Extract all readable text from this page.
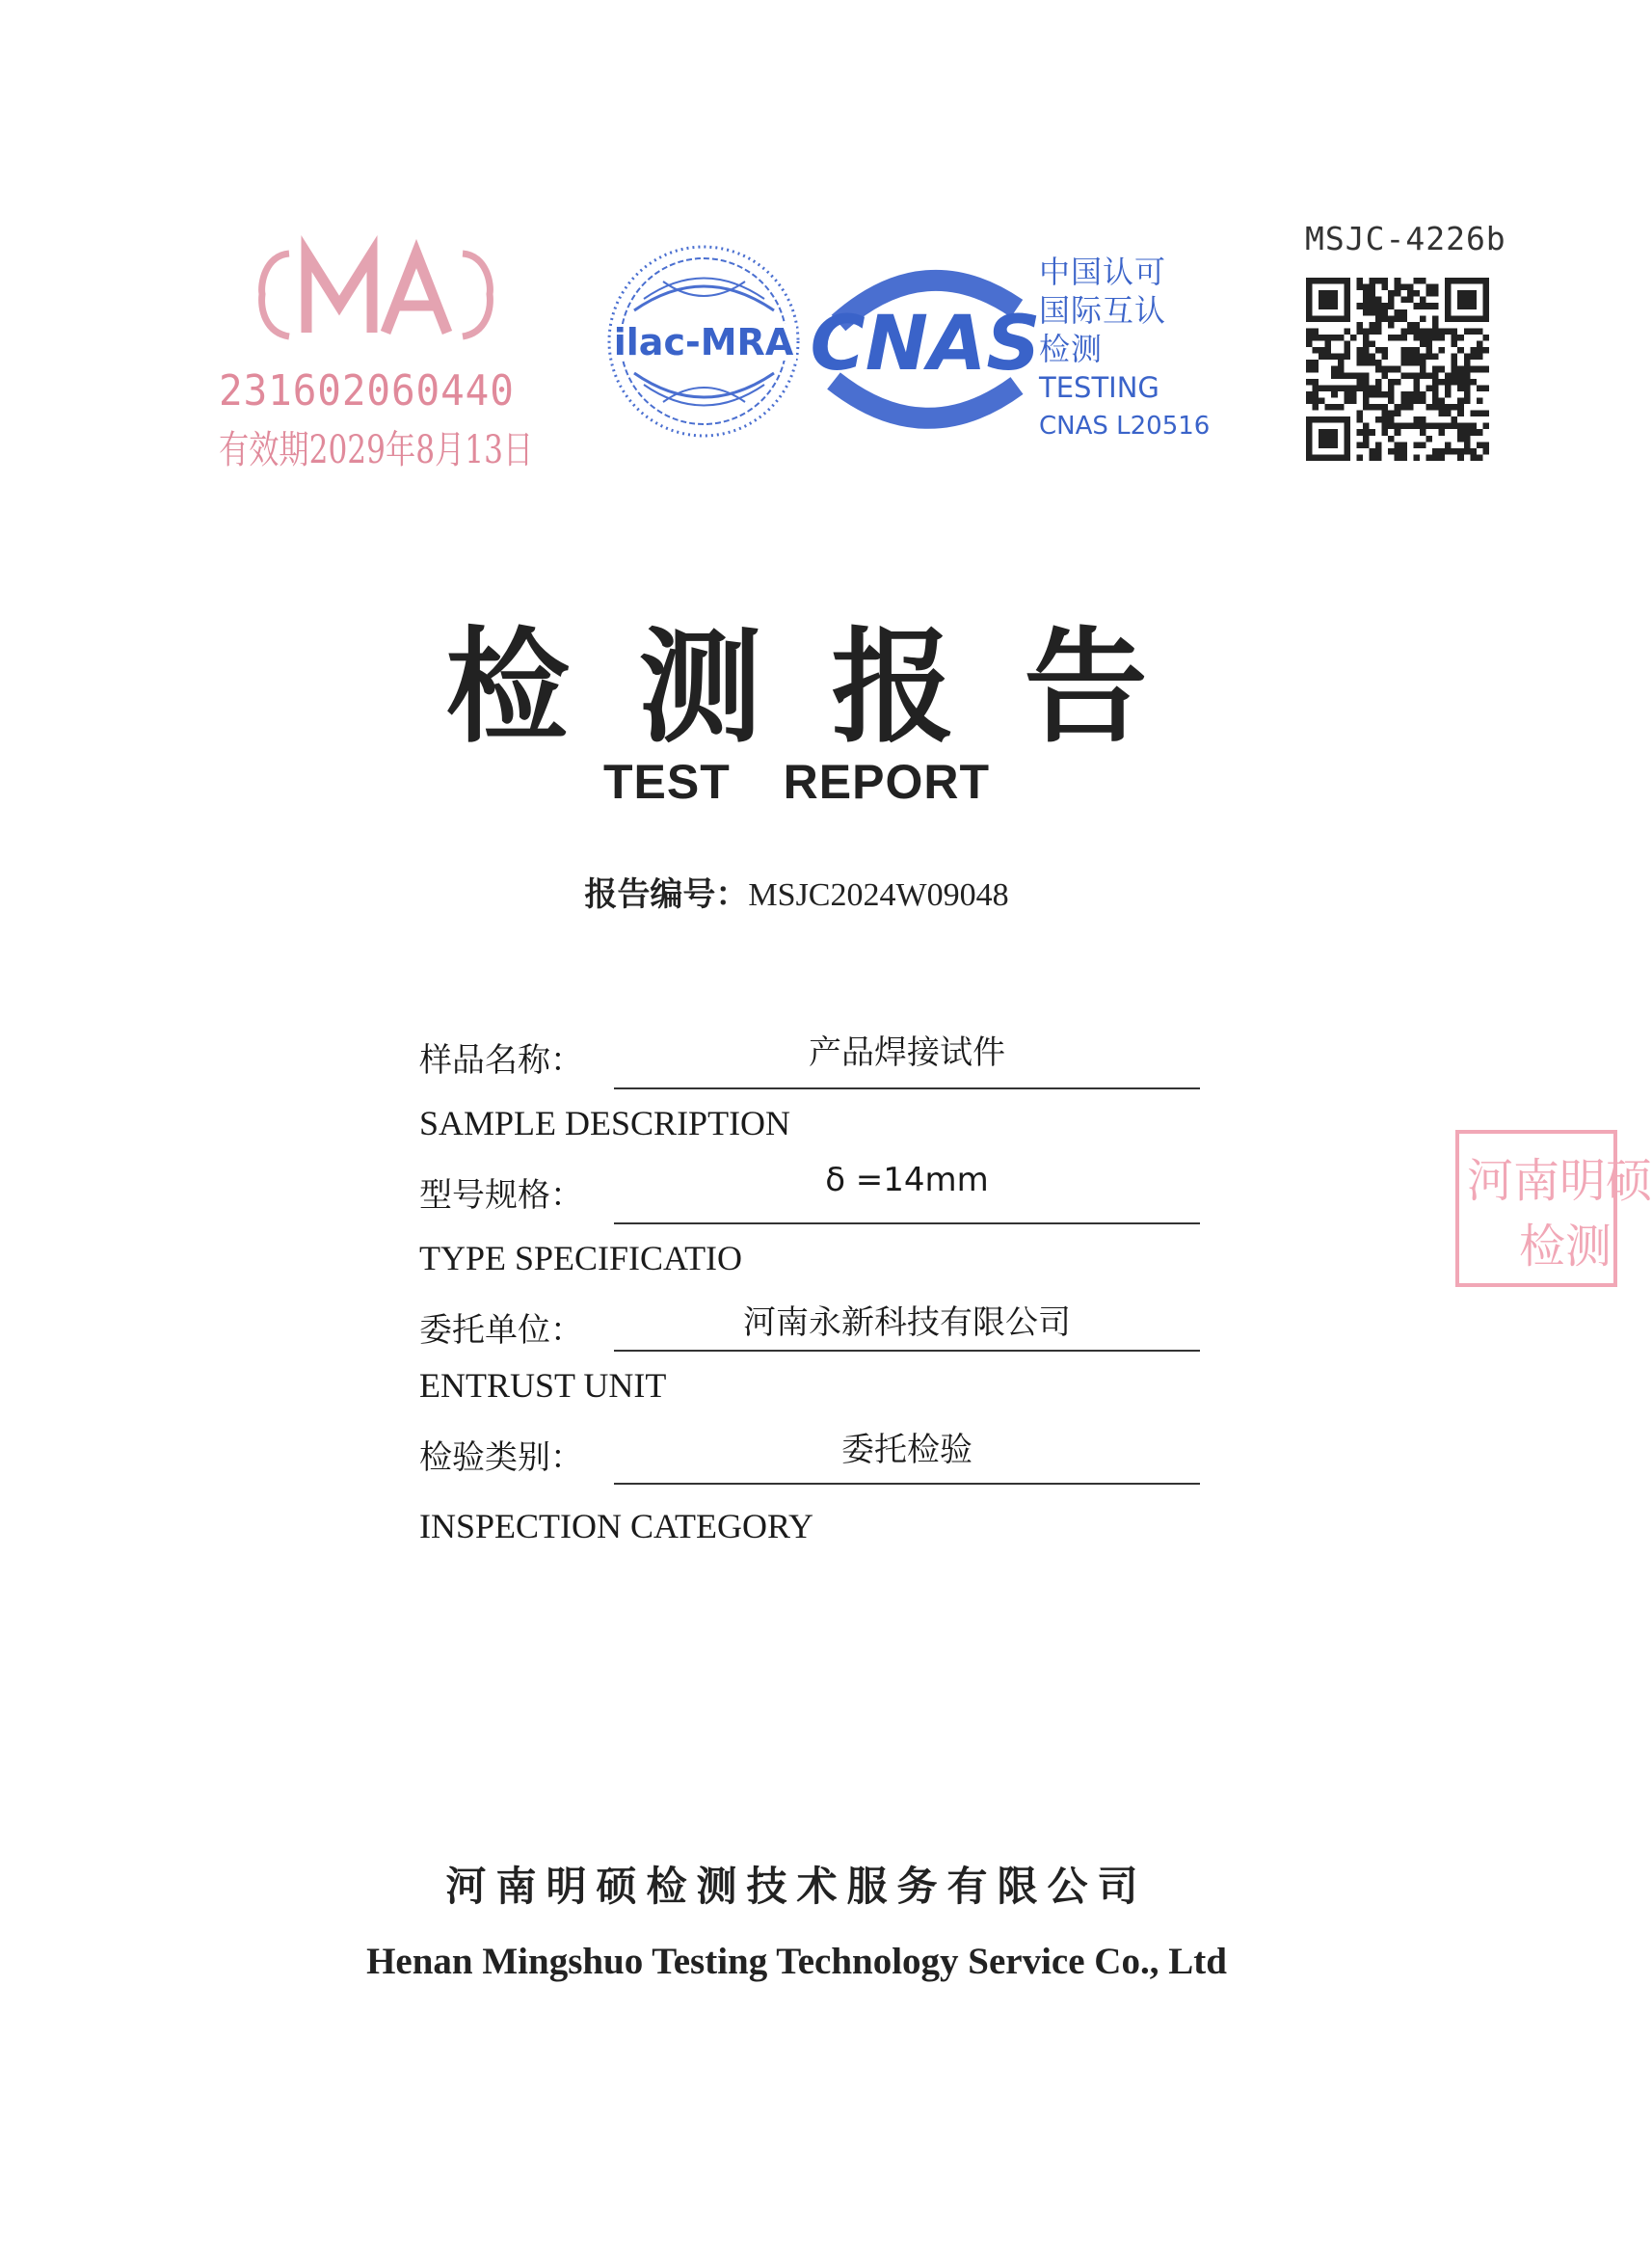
231602060440
有效期2029年8月13日
ilac-MRA CNAS
中国认可
国际互认
检测
TESTING
CNAS L20516
MSJC-4226b
检测报告
TEST REPORT
报告编号：MSJC2024W09048
样品名称：	产品焊接试件
SAMPLE DESCRIPTION
型号规格：	δ =14mm
TYPE SPECIFICATIO
委托单位：	河南永新科技有限公司
ENTRUST UNIT
检验类别：	委托检验
INSPECTION CATEGORY
河南明硕
检测
河南明硕检测技术服务有限公司
Henan Mingshuo Testing Technology Service Co., Ltd
